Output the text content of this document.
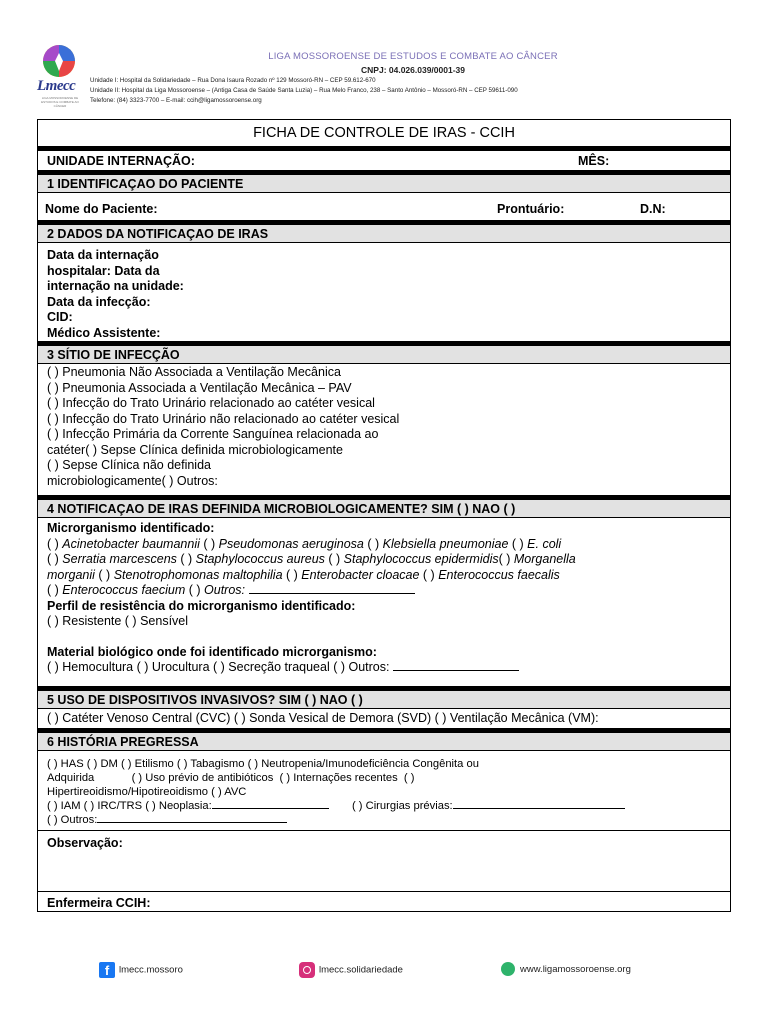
Lmecc
LIGA MOSSOROENSE DE ESTUDOS E COMBATE AO CÂNCER
LIGA MOSSOROENSE DE ESTUDOS E COMBATE AO CÂNCER
CNPJ: 04.026.039/0001-39
Unidade I: Hospital da Solidariedade – Rua Dona Isaura Rozado nº 129 Mossoró-RN – CEP 59.612-670
Unidade II: Hospital da Liga Mossoroense – (Antiga Casa de Saúde Santa Luzia) – Rua Melo Franco, 238 – Santo Antônio – Mossoró-RN – CEP 59611-090
Telefone: (84) 3323-7700 – E-mail: ccih@ligamossoroense.org
FICHA DE CONTROLE DE IRAS - CCIH
UNIDADE INTERNAÇÃO:	MÊS:
1 IDENTIFICAÇAO DO PACIENTE
Nome do Paciente:	Prontuário:	D.N:
2 DADOS DA NOTIFICAÇAO DE IRAS
Data da internação
hospitalar: Data da
internação na unidade:
Data da infecção:
CID:
Médico Assistente:
3 SÍTIO DE INFECÇÃO
( ) Pneumonia Não Associada a Ventilação Mecânica
( ) Pneumonia Associada a Ventilação Mecânica – PAV
( ) Infecção do Trato Urinário relacionado ao catéter vesical
( ) Infecção do Trato Urinário não relacionado ao catéter vesical
( ) Infecção Primária da Corrente Sanguínea relacionada ao
catéter( ) Sepse Clínica definida microbiologicamente
( ) Sepse Clínica não definida
microbiologicamente( ) Outros:
4 NOTIFICAÇAO DE IRAS DEFINIDA MICROBIOLOGICAMENTE? SIM ( ) NAO ( )
Microrganismo identificado:
( ) Acinetobacter baumannii ( ) Pseudomonas aeruginosa ( ) Klebsiella pneumoniae ( ) E. coli
( ) Serratia marcescens ( ) Staphylococcus aureus ( ) Staphylococcus epidermidis( ) Morganella
morganii ( ) Stenotrophomonas maltophilia ( ) Enterobacter cloacae ( ) Enterococcus faecalis
( ) Enterococcus faecium ( ) Outros:
Perfil de resistência do microrganismo identificado:
( ) Resistente ( ) Sensível
Material biológico onde foi identificado microrganismo:
( ) Hemocultura ( ) Urocultura ( ) Secreção traqueal ( ) Outros:
5 USO DE DISPOSITIVOS INVASIVOS? SIM ( ) NAO ( )
( ) Catéter Venoso Central (CVC) ( ) Sonda Vesical de Demora (SVD) ( ) Ventilação Mecânica (VM):
6 HISTÓRIA PREGRESSA
( ) HAS ( ) DM ( ) Etilismo ( ) Tabagismo ( ) Neutropenia/Imunodeficiência Congênita ou
Adquirida            ( ) Uso prévio de antibióticos  ( ) Internações recentes  ( )
Hipertireoidismo/Hipotireoidismo ( ) AVC
( ) IAM ( ) IRC/TRS ( ) Neoplasia:	( ) Cirurgias prévias:
( ) Outros:
Observação:
Enfermeira CCIH:
f lmecc.mossoro	lmecc.solidariedade	www.ligamossoroense.org
